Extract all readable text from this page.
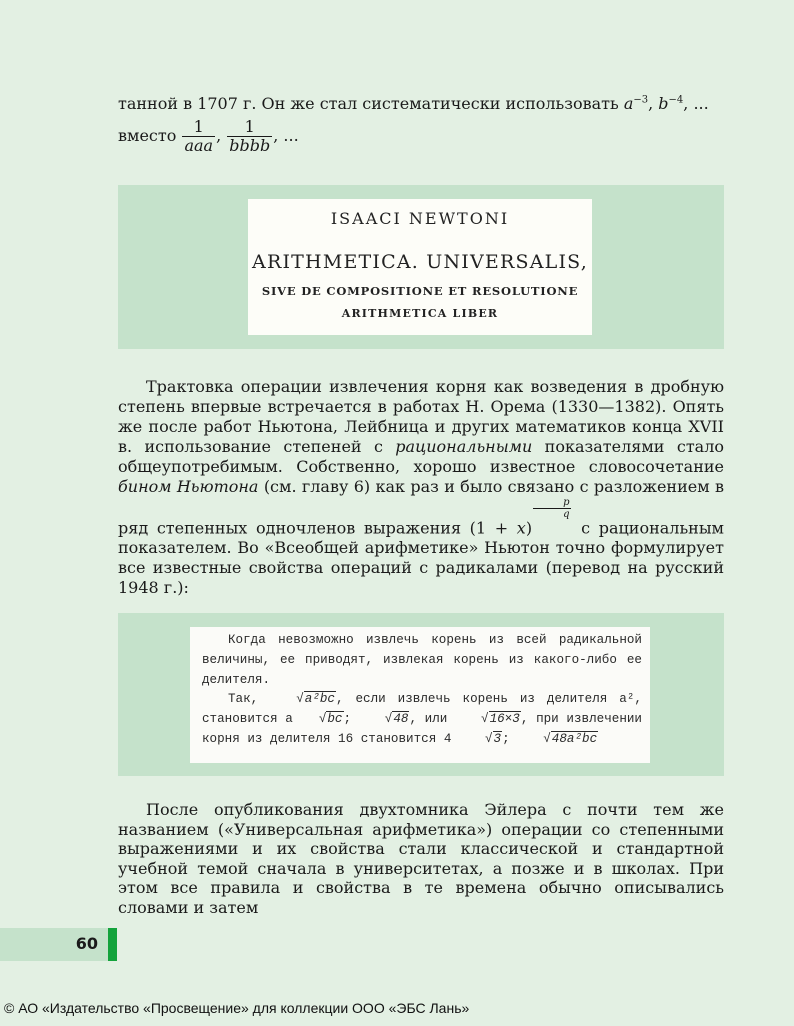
танной в 1707 г. Он же стал систематически использовать $a^{-3}$, $b^{-4}$, ...

вместо $\frac{1}{\text{aaa}}$ , $\frac{1}{\text{bbbb}}$ , ...

ISAACI NEWTONI
ARITHMETICA. UNIVERSALIS,
SIVE DE COMPOSITIONE ET RESOLUTIONE
ARITHMETICA LIBER

Трактовка операции извлечения корня как возведения в дробную степень впервые встречается в работах Н. Орема (1330—1382). Опять же после работ Ньютона, Лейбница и других математиков конца XVII в. использование степеней с рациональными показателями стало общеупотребимым. Собственно, хорошо известное словосочетание бином Ньютона (см. главу 6) как раз и было связано с разложением в ряд степенных одночленов выражения (1 + x)
$^{\frac{p}{q}}$
с рациональным показателем. Во «Всеобщей арифметике» Ньютон точно формулирует все известные свойства операций с радикалами (перевод на русский 1948 г.):

Когда невозможно извлечь корень из всей радикальной величины, ее приводят, извлекая корень из какого-либо ее делителя.

Так, √a²bc, если извлечь корень из делителя a², становится a √bc; √48, или √16×3, при извлечении корня из делителя 16 становится 4 √3; √48a²bc

После опубликования двухтомника Эйлера с почти тем же названием («Универсальная арифметика») операции со степенными выражениями и их свойства стали классической и стандартной учебной темой сначала в университетах, а позже и в школах. При этом все правила и свойства в те времена обычно описывались словами и затем

60
© АО «Издательство «Просвещение» для коллекции ООО «ЭБС Лань»
